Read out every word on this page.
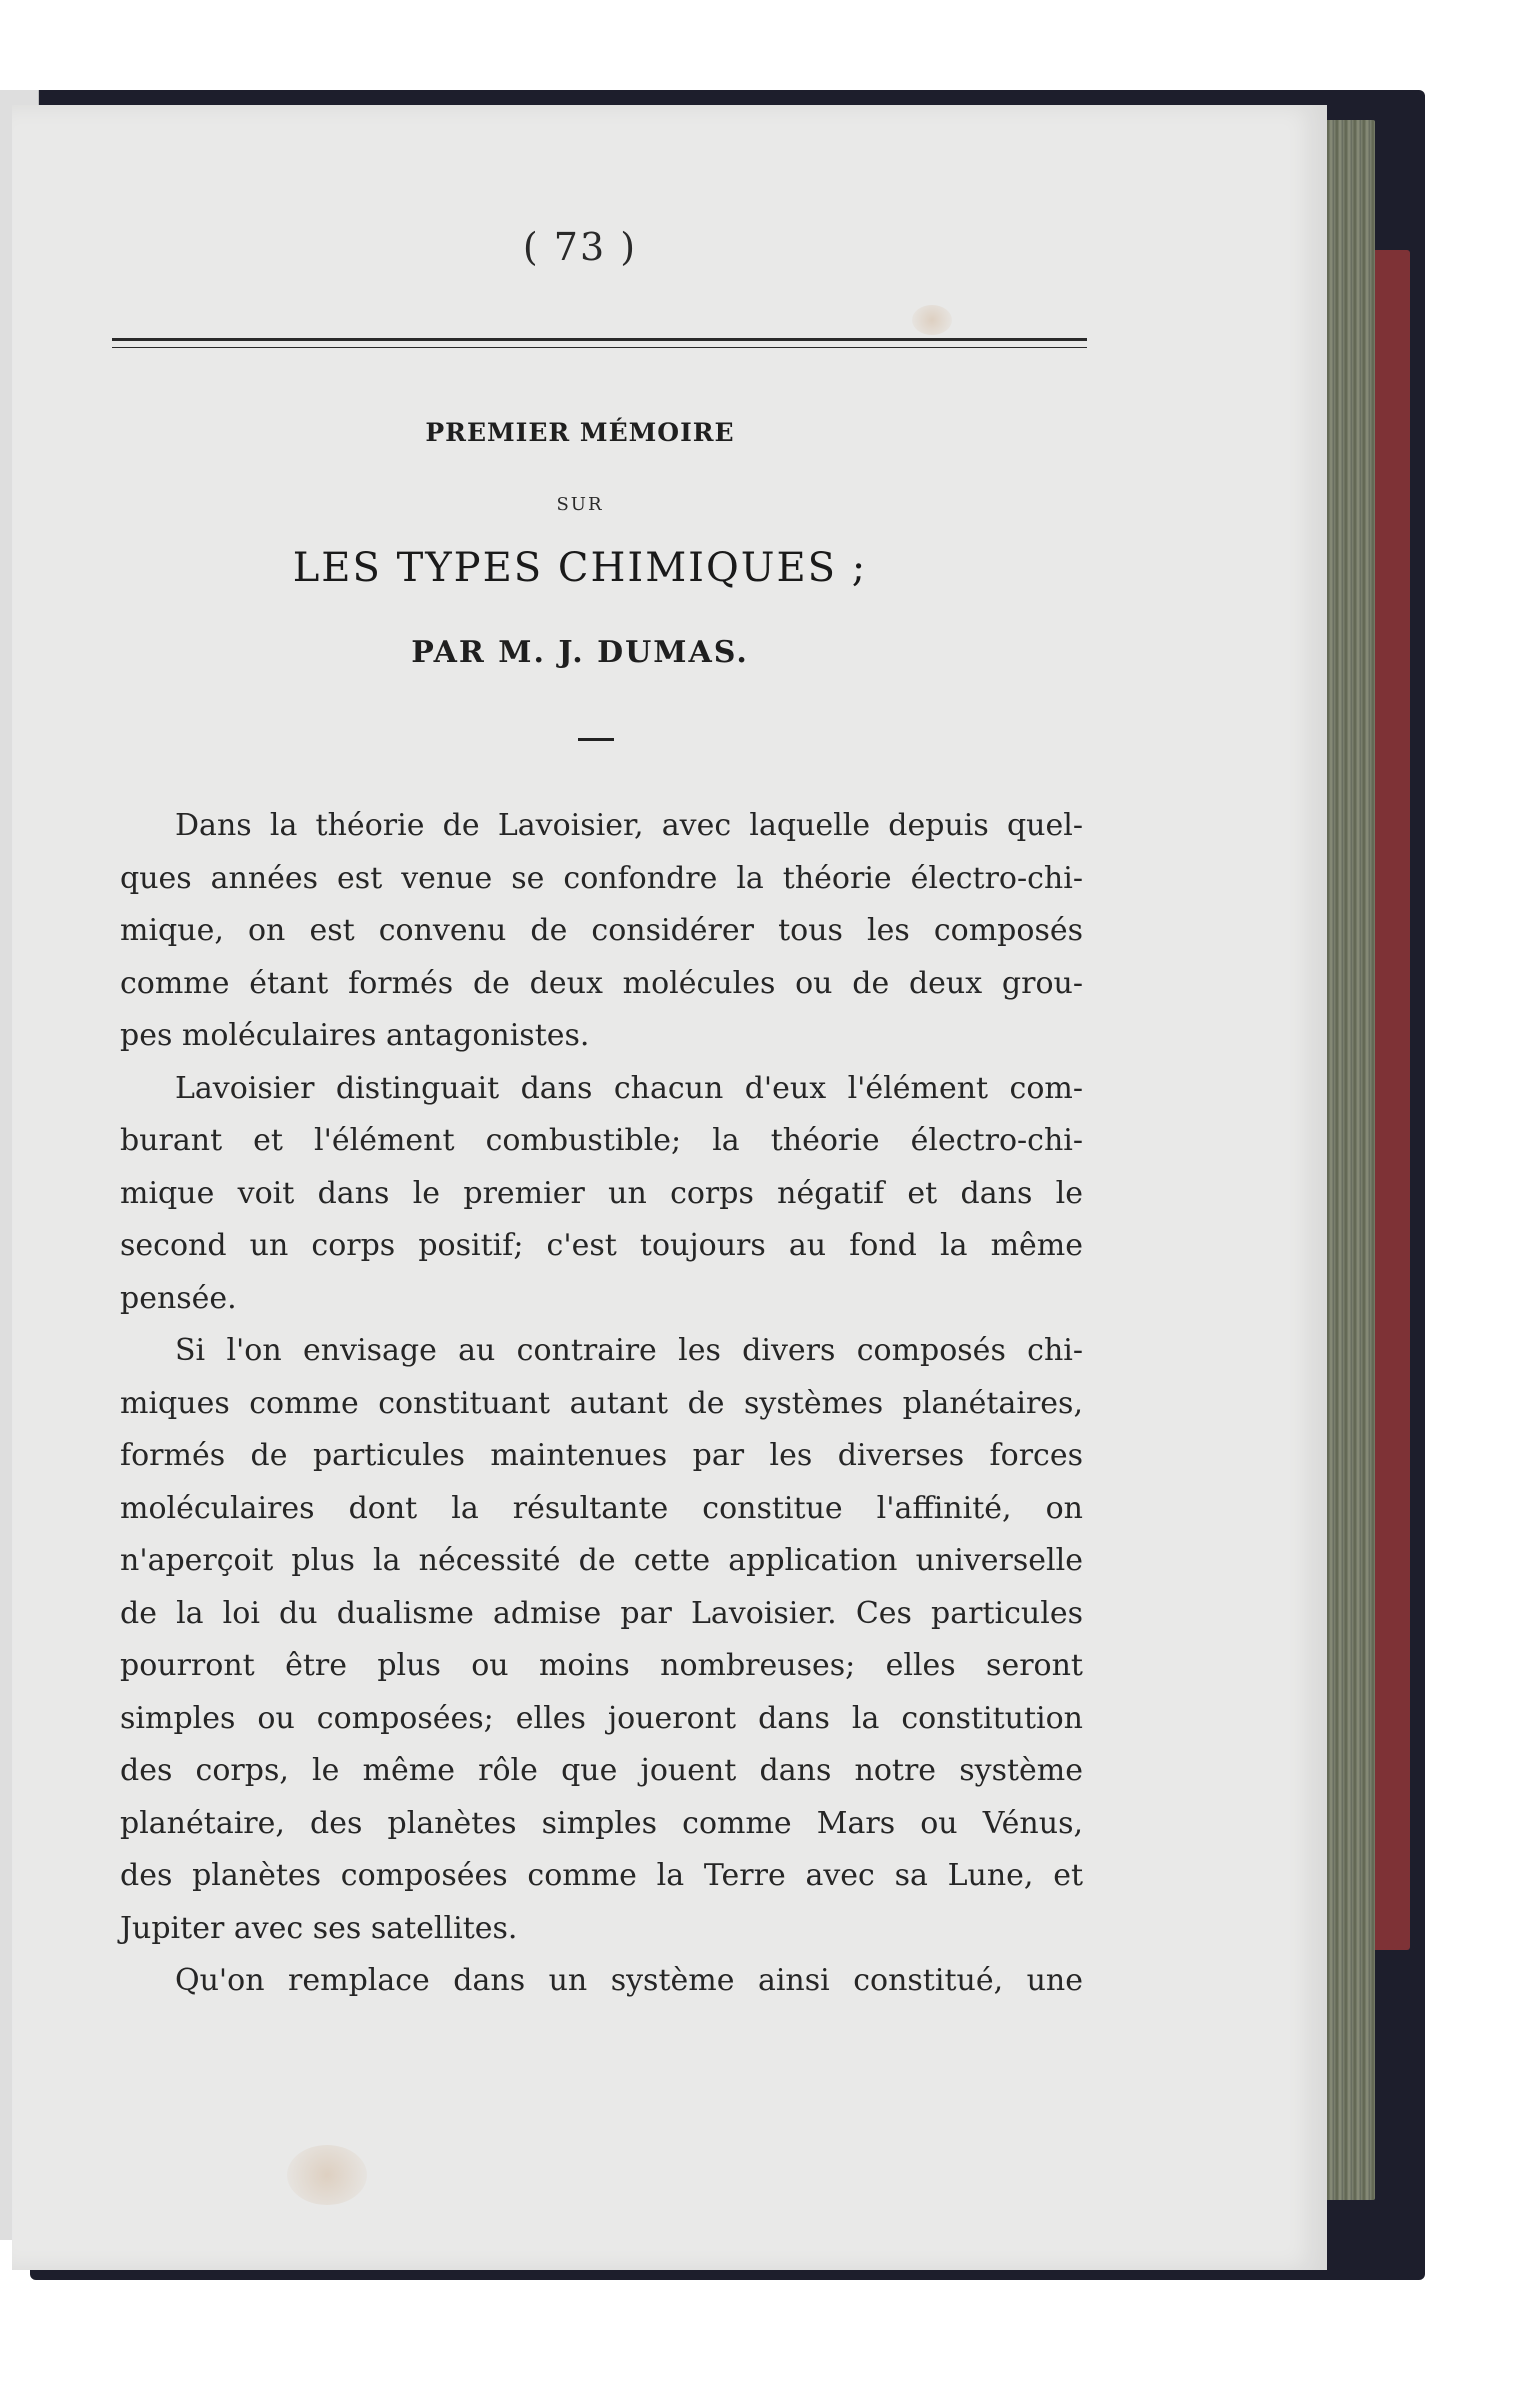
( 73 )
PREMIER MÉMOIRE
SUR
LES TYPES CHIMIQUES ;
PAR M. J. DUMAS.
Dans la théorie de Lavoisier, avec laquelle depuis quel-
ques années est venue se confondre la théorie électro-chi-
mique, on est convenu de considérer tous les composés
comme étant formés de deux molécules ou de deux grou-
pes moléculaires antagonistes.
Lavoisier distinguait dans chacun d'eux l'élément com-
burant et l'élément combustible; la théorie électro-chi-
mique voit dans le premier un corps négatif et dans le
second un corps positif; c'est toujours au fond la même
pensée.
Si l'on envisage au contraire les divers composés chi-
miques comme constituant autant de systèmes planétaires,
formés de particules maintenues par les diverses forces
moléculaires dont la résultante constitue l'affinité, on
n'aperçoit plus la nécessité de cette application universelle
de la loi du dualisme admise par Lavoisier. Ces particules
pourront être plus ou moins nombreuses; elles seront
simples ou composées; elles joueront dans la constitution
des corps, le même rôle que jouent dans notre système
planétaire, des planètes simples comme Mars ou Vénus,
des planètes composées comme la Terre avec sa Lune, et
Jupiter avec ses satellites.
Qu'on remplace dans un système ainsi constitué, une
